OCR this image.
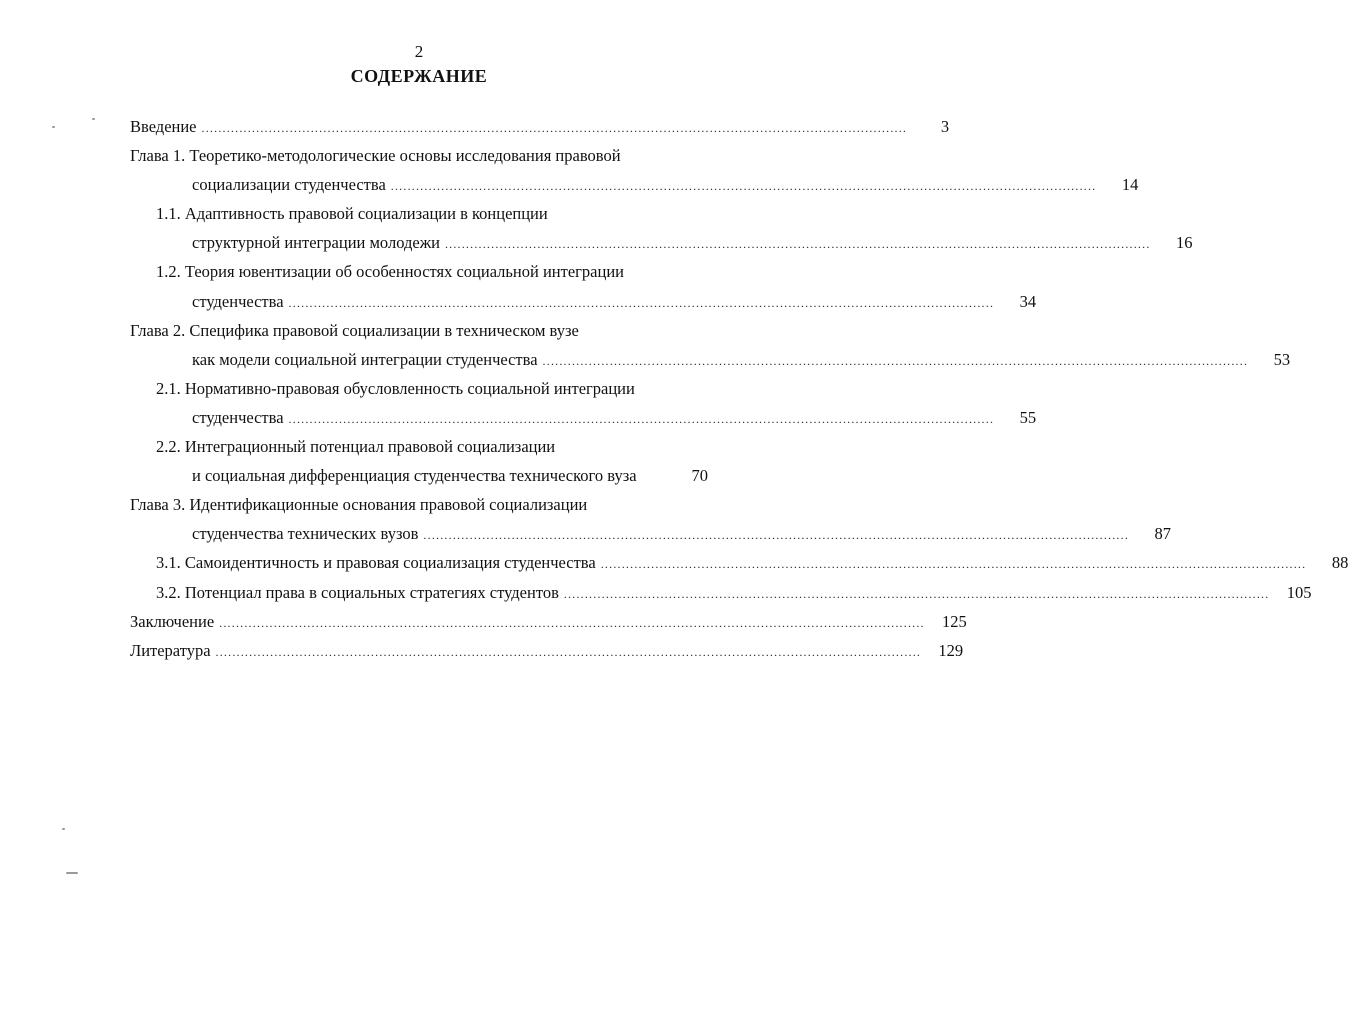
2
СОДЕРЖАНИЕ
Введение ........................................................................................................................................................................	3
Глава 1. Теоретико-методологические основы исследования правовой
социализации студенчества ........................................................................................................................................................................	14
1.1. Адаптивность правовой социализации в концепции
структурной интеграции молодежи ........................................................................................................................................................................	16
1.2. Теория ювентизации об особенностях социальной интеграции
студенчества ........................................................................................................................................................................	34
Глава 2. Специфика правовой социализации в техническом вузе
как модели социальной интеграции студенчества ........................................................................................................................................................................	53
2.1. Нормативно-правовая обусловленность социальной интеграции
студенчества ........................................................................................................................................................................	55
2.2. Интеграционный потенциал правовой социализации
и социальная дифференциация студенчества технического вуза	70
Глава 3. Идентификационные основания правовой социализации
студенчества технических вузов ........................................................................................................................................................................	87
3.1. Самоидентичность и правовая социализация студенчества ........................................................................................................................................................................	88
3.2. Потенциал права в социальных стратегиях студентов ........................................................................................................................................................................	105
Заключение ........................................................................................................................................................................	125
Литература ........................................................................................................................................................................	129
